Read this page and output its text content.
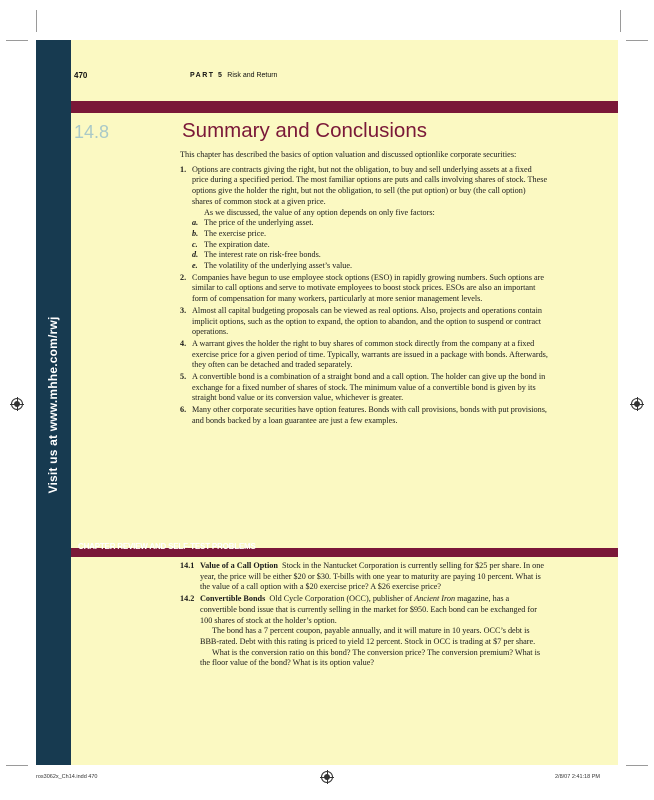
Visit us at www.mhhe.com/rwj
470	PART 5 Risk and Return
14.8	Summary and Conclusions

This chapter has described the basics of option valuation and discussed optionlike corporate securities:

1. Options are contracts giving the right, but not the obligation, to buy and sell underlying assets at a fixed price during a specified period. The most familiar options are puts and calls involving shares of stock. These options give the holder the right, but not the obligation, to sell (the put option) or buy (the call option) shares of common stock at a given price.

As we discussed, the value of any option depends on only five factors:

a. The price of the underlying asset.
b. The exercise price.
c. The expiration date.
d. The interest rate on risk-free bonds.
e. The volatility of the underlying asset’s value.
2. Companies have begun to use employee stock options (ESO) in rapidly growing numbers. Such options are similar to call options and serve to motivate employees to boost stock prices. ESOs are also an important form of compensation for many workers, particularly at more senior management levels.

3. Almost all capital budgeting proposals can be viewed as real options. Also, projects and operations contain implicit options, such as the option to expand, the option to abandon, and the option to suspend or contract operations.

4. A warrant gives the holder the right to buy shares of common stock directly from the company at a fixed exercise price for a given period of time. Typically, warrants are issued in a package with bonds. Afterwards, they often can be detached and traded separately.

5. A convertible bond is a combination of a straight bond and a call option. The holder can give up the bond in exchange for a fixed number of shares of stock. The minimum value of a convertible bond is given by its straight bond value or its conversion value, whichever is greater.

6. Many other corporate securities have option features. Bonds with call provisions, bonds with put provisions, and bonds backed by a loan guarantee are just a few examples.

CHAPTER REVIEW AND SELF-TEST PROBLEMS
14.1 Value of a Call Option Stock in the Nantucket Corporation is currently selling for $25 per share. In one year, the price will be either $20 or $30. T-bills with one year to maturity are paying 10 percent. What is the value of a call option with a $20 exercise price? A $26 exercise price?

14.2 Convertible Bonds Old Cycle Corporation (OCC), publisher of Ancient Iron magazine, has a convertible bond issue that is currently selling in the market for $950. Each bond can be exchanged for 100 shares of stock at the holder’s option.

The bond has a 7 percent coupon, payable annually, and it will mature in 10 years. OCC’s debt is BBB-rated. Debt with this rating is priced to yield 12 percent. Stock in OCC is trading at $7 per share.

What is the conversion ratio on this bond? The conversion price? The conversion premium? What is the floor value of the bond? What is its option value?

ros3062x_Ch14.indd 470	2/8/07 2:41:18 PM
